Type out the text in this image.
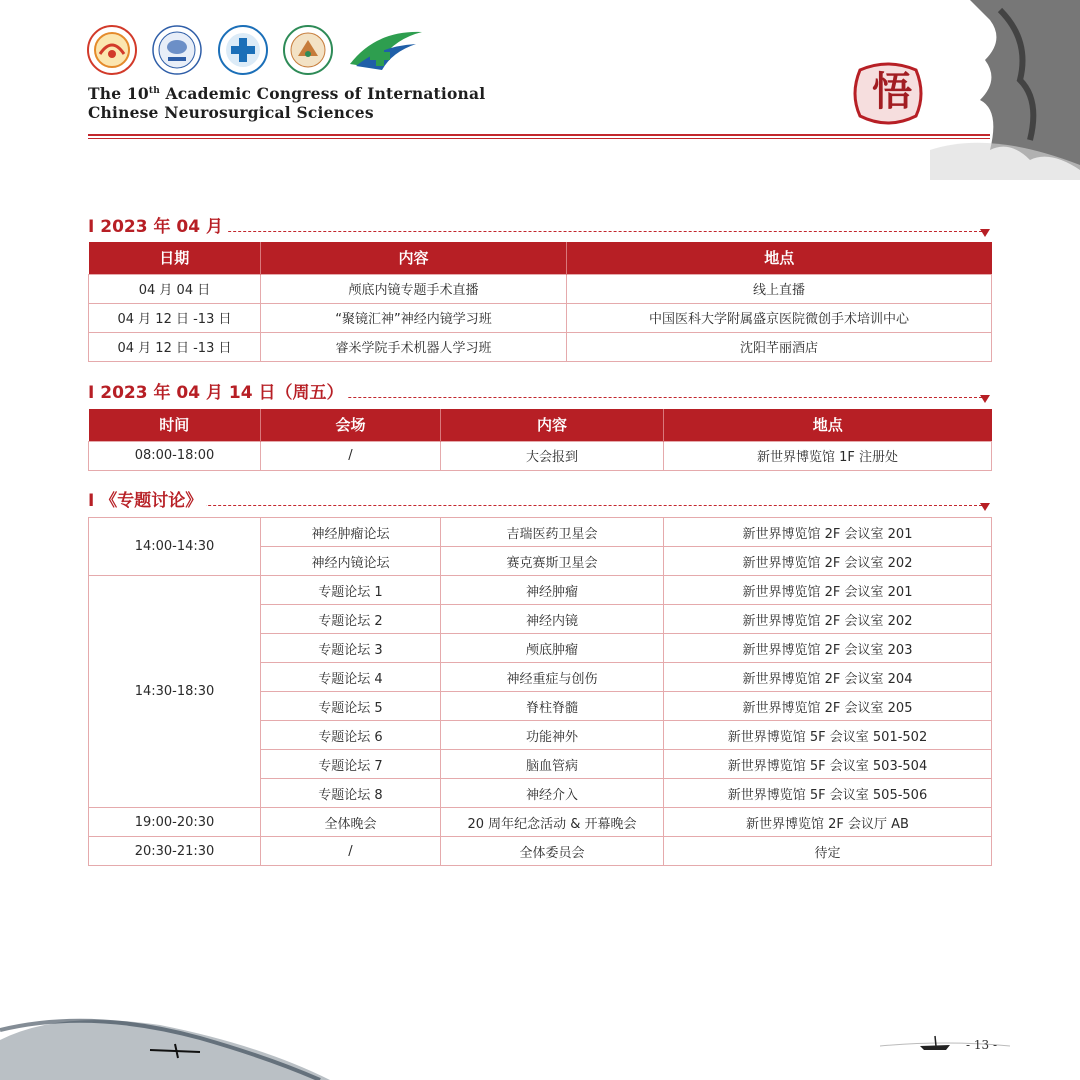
The 10th Academic Congress of International
Chinese Neurosurgical Sciences	悟
I 2023 年 04 月
日期	内容	地点
04 月 04 日	颅底内镜专题手术直播	线上直播
04 月 12 日 -13 日	“聚镜汇神”神经内镜学习班	中国医科大学附属盛京医院微创手术培训中心
04 月 12 日 -13 日	睿米学院手术机器人学习班	沈阳芊丽酒店
I 2023 年 04 月 14 日（周五）
时间	会场	内容	地点
08:00-18:00	/	大会报到	新世界博览馆 1F 注册处
I 《专题讨论》
14:00-14:30	神经肿瘤论坛	吉瑞医药卫星会	新世界博览馆 2F 会议室 201
	神经内镜论坛	赛克赛斯卫星会	新世界博览馆 2F 会议室 202
14:30-18:30	专题论坛 1	神经肿瘤	新世界博览馆 2F 会议室 201
	专题论坛 2	神经内镜	新世界博览馆 2F 会议室 202
	专题论坛 3	颅底肿瘤	新世界博览馆 2F 会议室 203
	专题论坛 4	神经重症与创伤	新世界博览馆 2F 会议室 204
	专题论坛 5	脊柱脊髓	新世界博览馆 2F 会议室 205
	专题论坛 6	功能神外	新世界博览馆 5F 会议室 501-502
	专题论坛 7	脑血管病	新世界博览馆 5F 会议室 503-504
	专题论坛 8	神经介入	新世界博览馆 5F 会议室 505-506
19:00-20:30	全体晚会	20 周年纪念活动 & 开幕晚会	新世界博览馆 2F 会议厅 AB
20:30-21:30	/	全体委员会	待定
- 13 -
